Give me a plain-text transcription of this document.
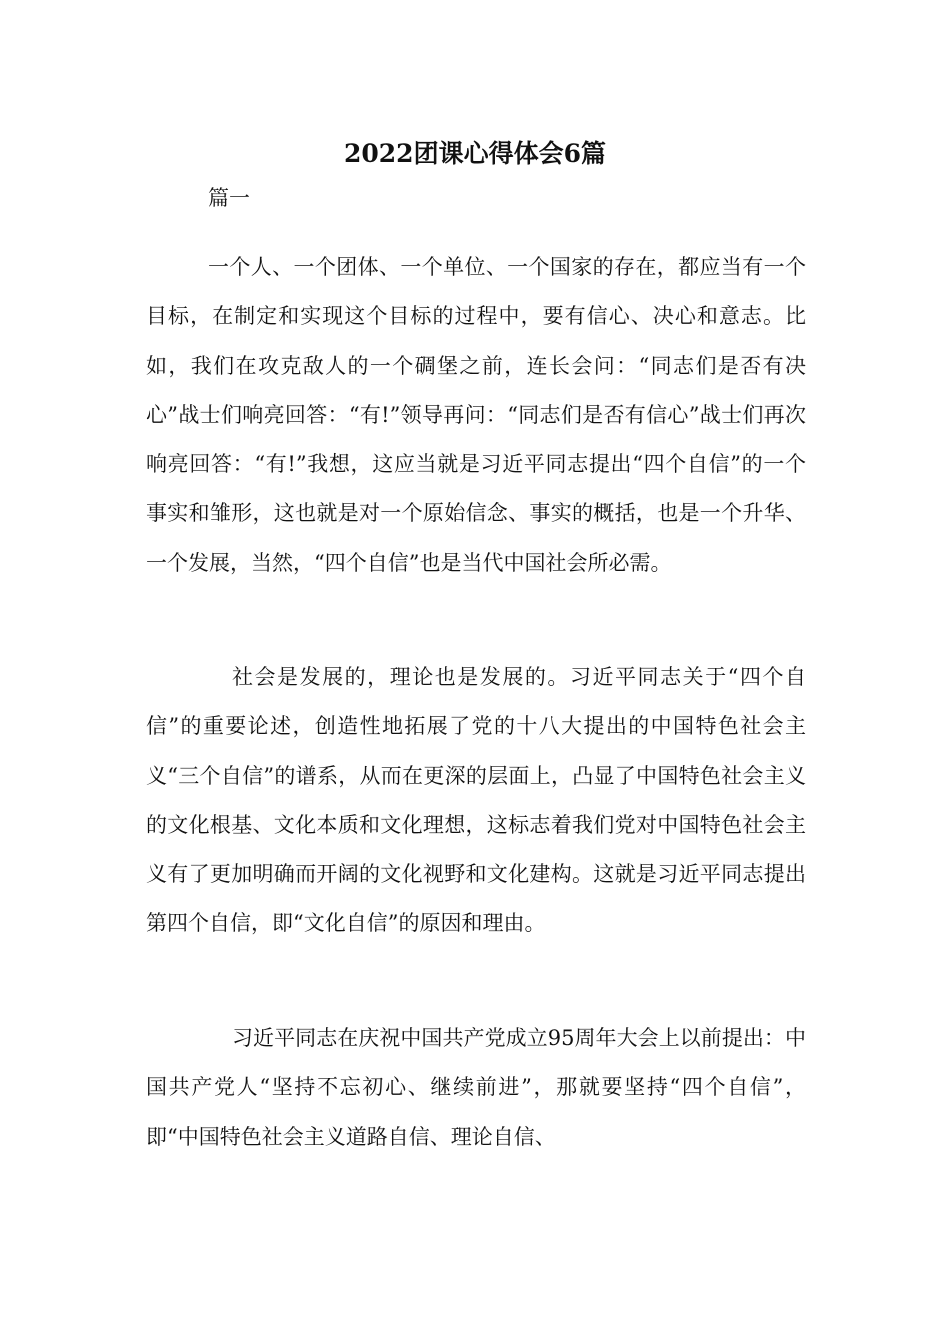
2022团课心得体会6篇
篇一

一个人、一个团体、一个单位、一个国家的存在，都应当有一个目标，在制定和实现这个目标的过程中，要有信心、决心和意志。比如，我们在攻克敌人的一个碉堡之前，连长会问：“同志们是否有决心”战士们响亮回答：“有!”领导再问：“同志们是否有信心”战士们再次响亮回答：“有!”我想，这应当就是习近平同志提出“四个自信”的一个事实和雏形，这也就是对一个原始信念、事实的概括，也是一个升华、一个发展，当然，“四个自信”也是当代中国社会所必需。

社会是发展的，理论也是发展的。习近平同志关于“四个自信”的重要论述，创造性地拓展了党的十八大提出的中国特色社会主义“三个自信”的谱系，从而在更深的层面上，凸显了中国特色社会主义的文化根基、文化本质和文化理想，这标志着我们党对中国特色社会主义有了更加明确而开阔的文化视野和文化建构。这就是习近平同志提出第四个自信，即“文化自信”的原因和理由。

习近平同志在庆祝中国共产党成立95周年大会上以前提出：中国共产党人“坚持不忘初心、继续前进”，那就要坚持“四个自信”，即“中国特色社会主义道路自信、理论自信、
